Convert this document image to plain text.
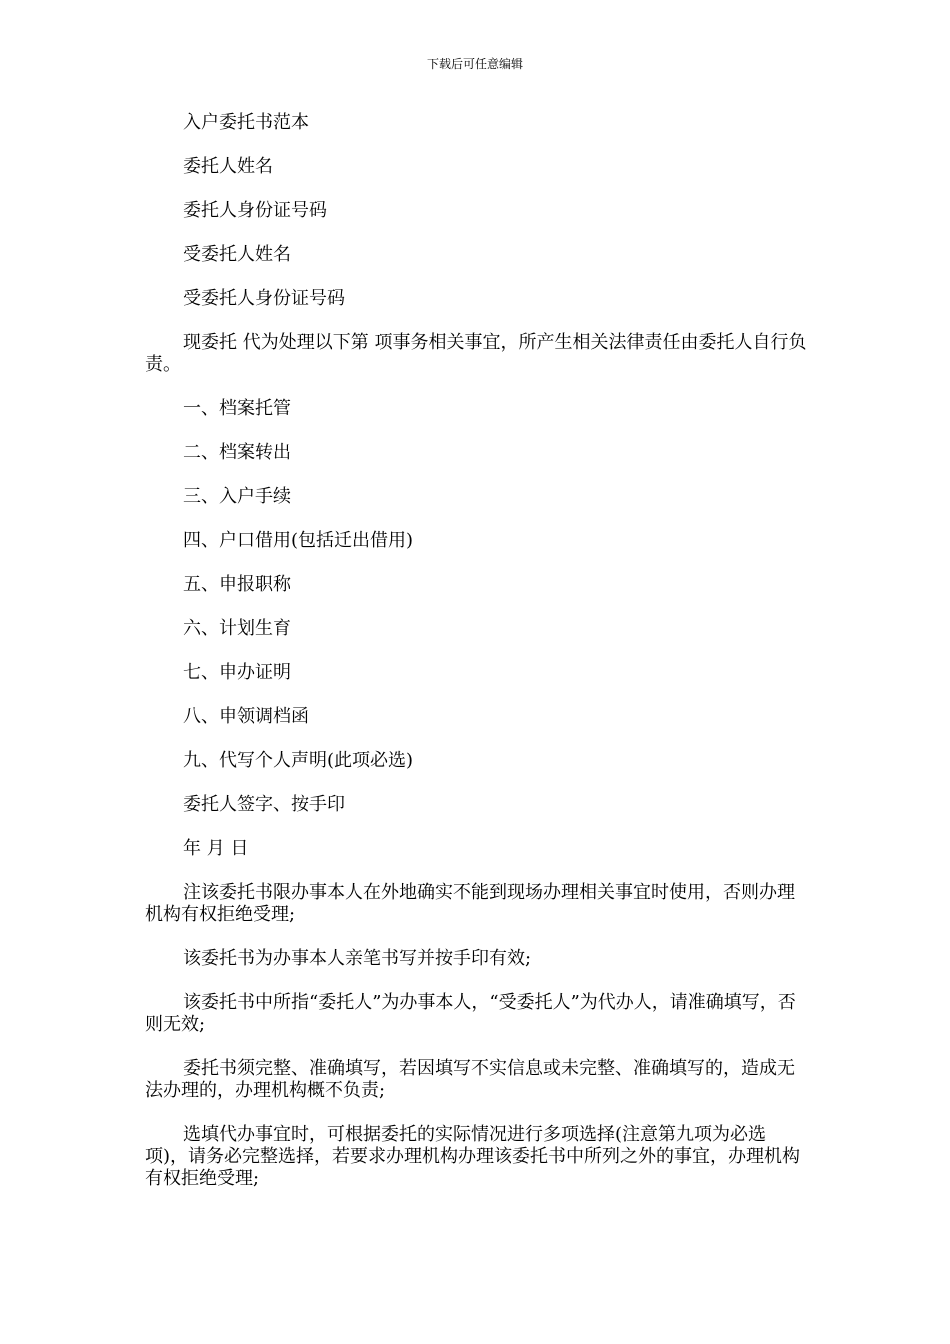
下载后可任意编辑

入户委托书范本

委托人姓名

委托人身份证号码

受委托人姓名

受委托人身份证号码

现委托 代为处理以下第 项事务相关事宜，所产生相关法律责任由委托人自行负责。

一、档案托管

二、档案转出

三、入户手续

四、户口借用(包括迁出借用)

五、申报职称

六、计划生育

七、申办证明

八、申领调档函

九、代写个人声明(此项必选)

委托人签字、按手印

年 月 日

注该委托书限办事本人在外地确实不能到现场办理相关事宜时使用，否则办理机构有权拒绝受理;

该委托书为办事本人亲笔书写并按手印有效;

该委托书中所指“委托人”为办事本人，“受委托人”为代办人，请准确填写，否则无效;

委托书须完整、准确填写，若因填写不实信息或未完整、准确填写的，造成无法办理的，办理机构概不负责;

选填代办事宜时，可根据委托的实际情况进行多项选择(注意第九项为必选项)，请务必完整选择，若要求办理机构办理该委托书中所列之外的事宜，办理机构有权拒绝受理;
